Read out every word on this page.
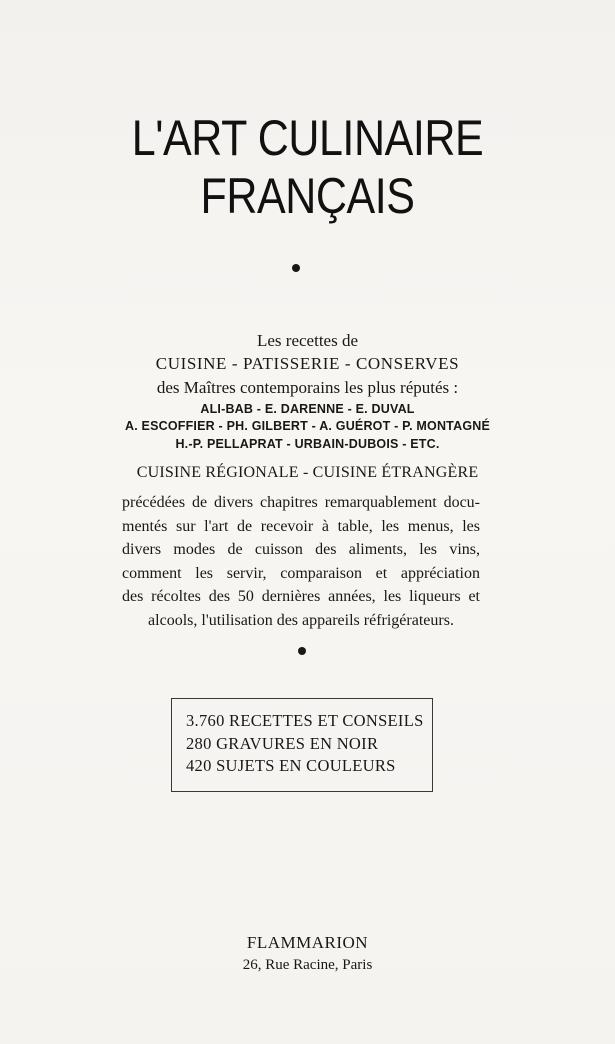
L'ART CULINAIRE
FRANÇAIS
Les recettes de
CUISINE - PATISSERIE - CONSERVES
des Maîtres contemporains les plus réputés :
ALI-BAB - E. DARENNE - E. DUVAL
A. ESCOFFIER - PH. GILBERT - A. GUÉROT - P. MONTAGNÉ
H.-P. PELLAPRAT - URBAIN-DUBOIS - ETC.
CUISINE RÉGIONALE - CUISINE ÉTRANGÈRE
précédées de divers chapitres remarquablement docu-
mentés sur l'art de recevoir à table, les menus, les
divers modes de cuisson des aliments, les vins,
comment les servir, comparaison et appréciation
des récoltes des 50 dernières années, les liqueurs et
alcools, l'utilisation des appareils réfrigérateurs.
3.760 RECETTES ET CONSEILS
280 GRAVURES EN NOIR
420 SUJETS EN COULEURS
FLAMMARION
26, Rue Racine, Paris
